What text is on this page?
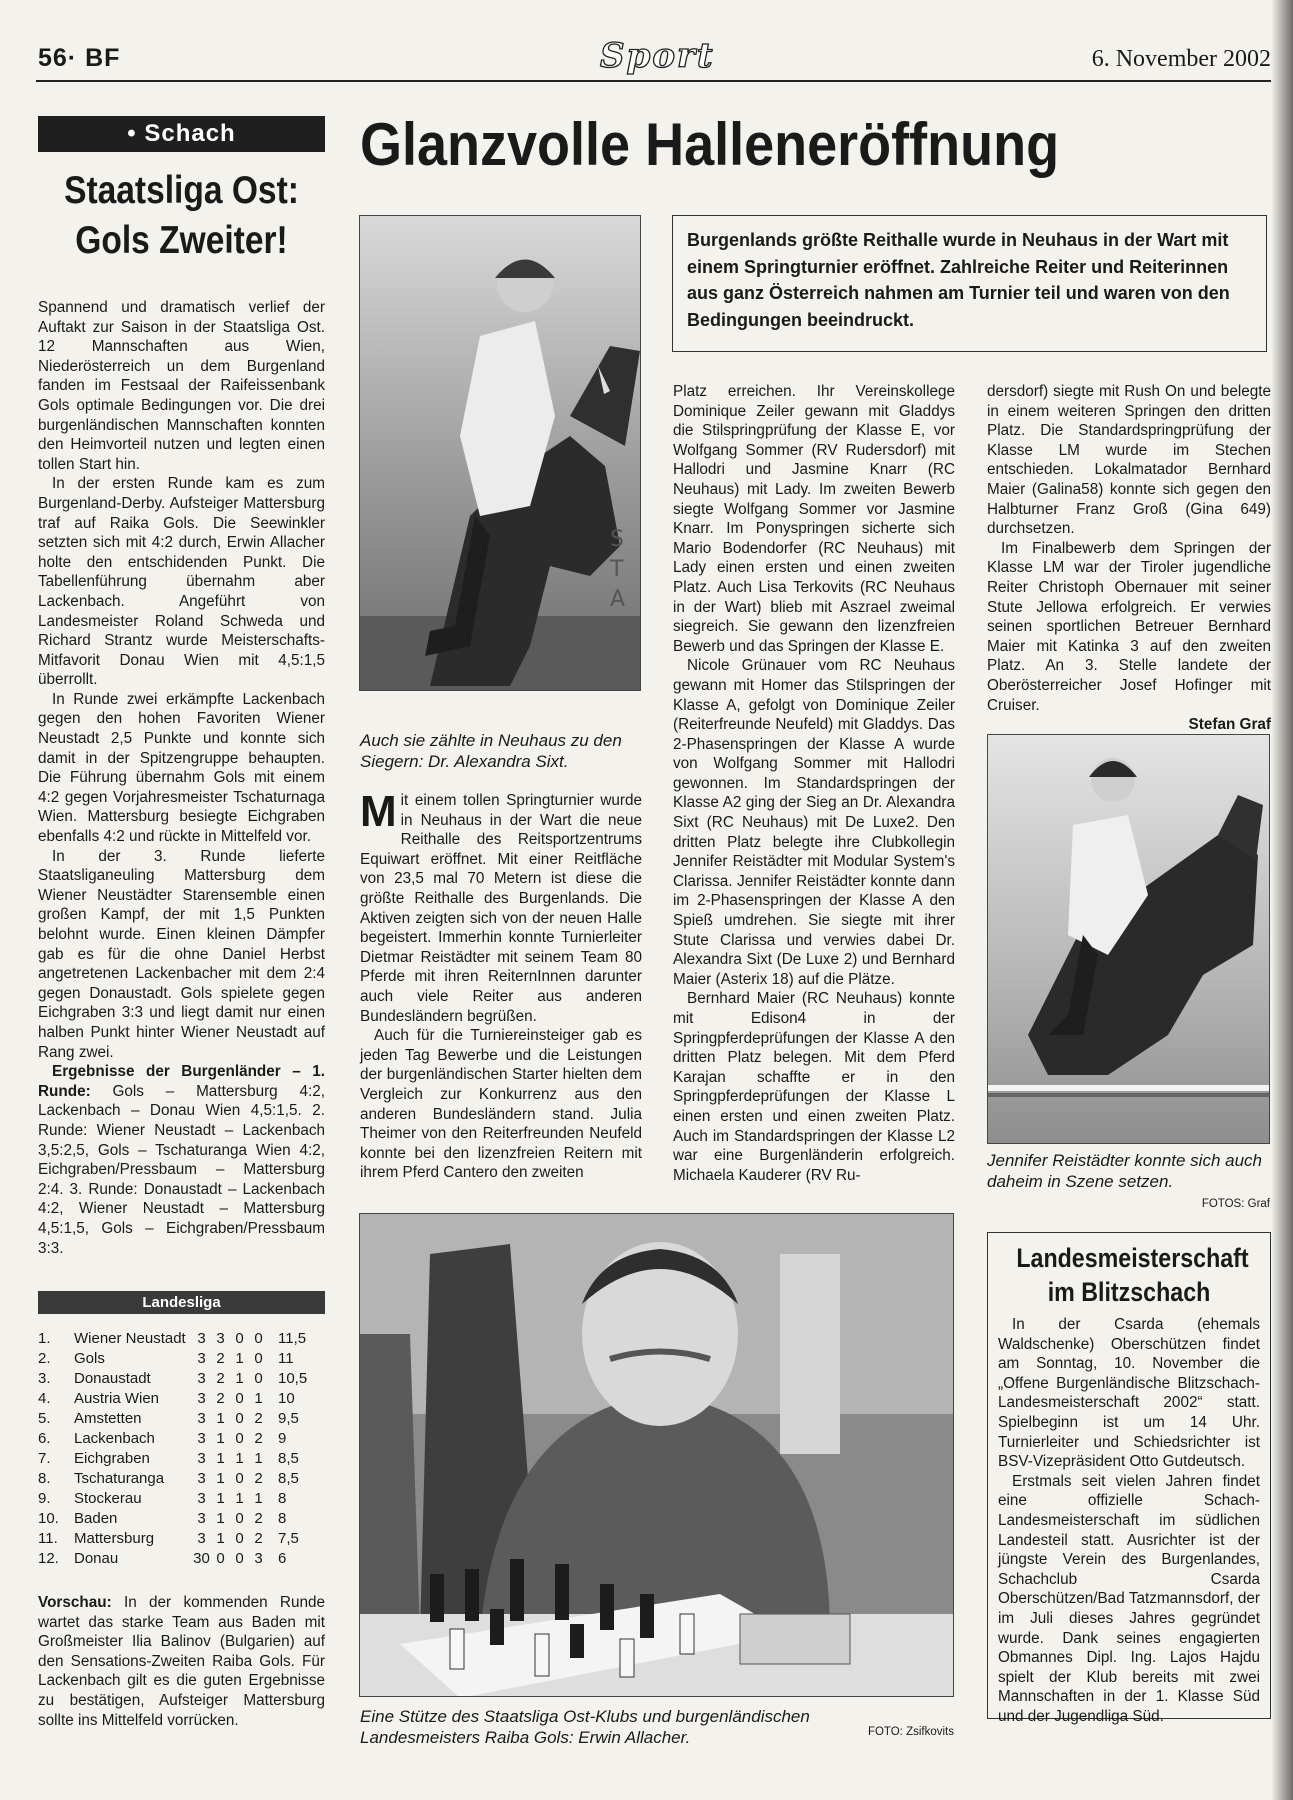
56· BF	Sport	6. November 2002
• Schach
Staatsliga Ost:
Gols Zweiter!

Spannend und dramatisch verlief der Auftakt zur Saison in der Staatsliga Ost. 12 Mannschaften aus Wien, Niederösterreich un dem Burgenland fanden im Festsaal der Raifeissenbank Gols optimale Bedingungen vor. Die drei burgenländischen Mannschaften konnten den Heimvorteil nutzen und legten einen tollen Start hin.

In der ersten Runde kam es zum Burgenland-Derby. Aufsteiger Mattersburg traf auf Raika Gols. Die Seewinkler setzten sich mit 4:2 durch, Erwin Allacher holte den entschidenden Punkt. Die Tabellenführung übernahm aber Lackenbach. Angeführt von Landesmeister Roland Schweda und Richard Strantz wurde Meisterschafts-Mitfavorit Donau Wien mit 4,5:1,5 überrollt.

In Runde zwei erkämpfte Lackenbach gegen den hohen Favoriten Wiener Neustadt 2,5 Punkte und konnte sich damit in der Spitzengruppe behaupten. Die Führung übernahm Gols mit einem 4:2 gegen Vorjahresmeister Tschaturnaga Wien. Mattersburg besiegte Eichgraben ebenfalls 4:2 und rückte in Mittelfeld vor.

In der 3. Runde lieferte Staatsliganeuling Mattersburg dem Wiener Neustädter Starensemble einen großen Kampf, der mit 1,5 Punkten belohnt wurde. Einen kleinen Dämpfer gab es für die ohne Daniel Herbst angetretenen Lackenbacher mit dem 2:4 gegen Donaustadt. Gols spielete gegen Eichgraben 3:3 und liegt damit nur einen halben Punkt hinter Wiener Neustadt auf Rang zwei.

Ergebnisse der Burgenländer – 1. Runde: Gols – Mattersburg 4:2, Lackenbach – Donau Wien 4,5:1,5. 2. Runde: Wiener Neustadt – Lackenbach 3,5:2,5, Gols – Tschaturanga Wien 4:2, Eichgraben/Pressbaum – Mattersburg 2:4. 3. Runde: Donaustadt – Lackenbach 4:2, Wiener Neustadt – Mattersburg 4,5:1,5, Gols – Eichgraben/Pressbaum 3:3.

Landesliga
1.	Wiener Neustadt	3	3	0	0	11,5
2.	Gols	3	2	1	0	11
3.	Donaustadt	3	2	1	0	10,5
4.	Austria Wien	3	2	0	1	10
5.	Amstetten	3	1	0	2	9,5
6.	Lackenbach	3	1	0	2	9
7.	Eichgraben	3	1	1	1	8,5
8.	Tschaturanga	3	1	0	2	8,5
9.	Stockerau	3	1	1	1	8
10.	Baden	3	1	0	2	8
11.	Mattersburg	3	1	0	2	7,5
12.	Donau	30	0	0	3	6

Vorschau: In der kommenden Runde wartet das starke Team aus Baden mit Großmeister Ilia Balinov (Bulgarien) auf den Sensations-Zweiten Raiba Gols. Für Lackenbach gilt es die guten Ergebnisse zu bestätigen, Aufsteiger Mattersburg sollte ins Mittelfeld vorrücken.

Glanzvolle Halleneröffnung
Burgenlands größte Reithalle wurde in Neuhaus in der Wart mit einem Springturnier eröffnet. Zahlreiche Reiter und Reiterinnen aus ganz Österreich nahmen am Turnier teil und waren von den Bedingungen beeindruckt.
S
T
A
Auch sie zählte in Neuhaus zu den Siegern: Dr. Alexandra Sixt.

Mit einem tollen Springturnier wurde in Neuhaus in der Wart die neue Reithalle des Reitsportzentrums Equiwart eröffnet. Mit einer Reitfläche von 23,5 mal 70 Metern ist diese die größte Reithalle des Burgenlands. Die Aktiven zeigten sich von der neuen Halle begeistert. Immerhin konnte Turnierleiter Dietmar Reistädter mit seinem Team 80 Pferde mit ihren ReiternInnen darunter auch viele Reiter aus anderen Bundesländern begrüßen.

Auch für die Turniereinsteiger gab es jeden Tag Bewerbe und die Leistungen der burgenländischen Starter hielten dem Vergleich zur Konkurrenz aus den anderen Bundesländern stand. Julia Theimer von den Reiterfreunden Neufeld konnte bei den lizenzfreien Reitern mit ihrem Pferd Cantero den zweiten

Platz erreichen. Ihr Vereinskollege Dominique Zeiler gewann mit Gladdys die Stilspringprüfung der Klasse E, vor Wolfgang Sommer (RV Rudersdorf) mit Hallodri und Jasmine Knarr (RC Neuhaus) mit Lady. Im zweiten Bewerb siegte Wolfgang Sommer vor Jasmine Knarr. Im Ponyspringen sicherte sich Mario Bodendorfer (RC Neuhaus) mit Lady einen ersten und einen zweiten Platz. Auch Lisa Terkovits (RC Neuhaus in der Wart) blieb mit Aszrael zweimal siegreich. Sie gewann den lizenzfreien Bewerb und das Springen der Klasse E.

Nicole Grünauer vom RC Neuhaus gewann mit Homer das Stilspringen der Klasse A, gefolgt von Dominique Zeiler (Reiterfreunde Neufeld) mit Gladdys. Das 2-Phasenspringen der Klasse A wurde von Wolfgang Sommer mit Hallodri gewonnen. Im Standardspringen der Klasse A2 ging der Sieg an Dr. Alexandra Sixt (RC Neuhaus) mit De Luxe2. Den dritten Platz belegte ihre Clubkollegin Jennifer Reistädter mit Modular System's Clarissa. Jennifer Reistädter konnte dann im 2-Phasenspringen der Klasse A den Spieß umdrehen. Sie siegte mit ihrer Stute Clarissa und verwies dabei Dr. Alexandra Sixt (De Luxe 2) und Bernhard Maier (Asterix 18) auf die Plätze.

Bernhard Maier (RC Neuhaus) konnte mit Edison4 in der Springpferdeprüfungen der Klasse A den dritten Platz belegen. Mit dem Pferd Karajan schaffte er in den Springpferdeprüfungen der Klasse L einen ersten und einen zweiten Platz. Auch im Standardspringen der Klasse L2 war eine Burgenländerin erfolgreich. Michaela Kauderer (RV Ru-

dersdorf) siegte mit Rush On und belegte in einem weiteren Springen den dritten Platz. Die Standardspringprüfung der Klasse LM wurde im Stechen entschieden. Lokalmatador Bernhard Maier (Galina58) konnte sich gegen den Halbturner Franz Groß (Gina 649) durchsetzen.

Im Finalbewerb dem Springen der Klasse LM war der Tiroler jugendliche Reiter Christoph Obernauer mit seiner Stute Jellowa erfolgreich. Er verwies seinen sportlichen Betreuer Bernhard Maier mit Katinka 3 auf den zweiten Platz. An 3. Stelle landete der Oberösterreicher Josef Hofinger mit Cruiser.

Stefan Graf

Jennifer Reistädter konnte sich auch daheim in Szene setzen.
FOTOS: Graf
Eine Stütze des Staatsliga Ost-Klubs und burgenländischen Landesmeisters Raiba Gols: Erwin Allacher.	FOTO: Zsifkovits
Landesmeisterschaft
im Blitzschach

In der Csarda (ehemals Waldschenke) Oberschützen findet am Sonntag, 10. November die „Offene Burgenländische Blitzschach-Landesmeisterschaft 2002“ statt. Spielbeginn ist um 14 Uhr. Turnierleiter und Schiedsrichter ist BSV-Vizepräsident Otto Gutdeutsch.

Erstmals seit vielen Jahren findet eine offizielle Schach-Landesmeisterschaft im südlichen Landesteil statt. Ausrichter ist der jüngste Verein des Burgenlandes, Schachclub Csarda Oberschützen/Bad Tatzmannsdorf, der im Juli dieses Jahres gegründet wurde. Dank seines engagierten Obmannes Dipl. Ing. Lajos Hajdu spielt der Klub bereits mit zwei Mannschaften in der 1. Klasse Süd und der Jugendliga Süd.
